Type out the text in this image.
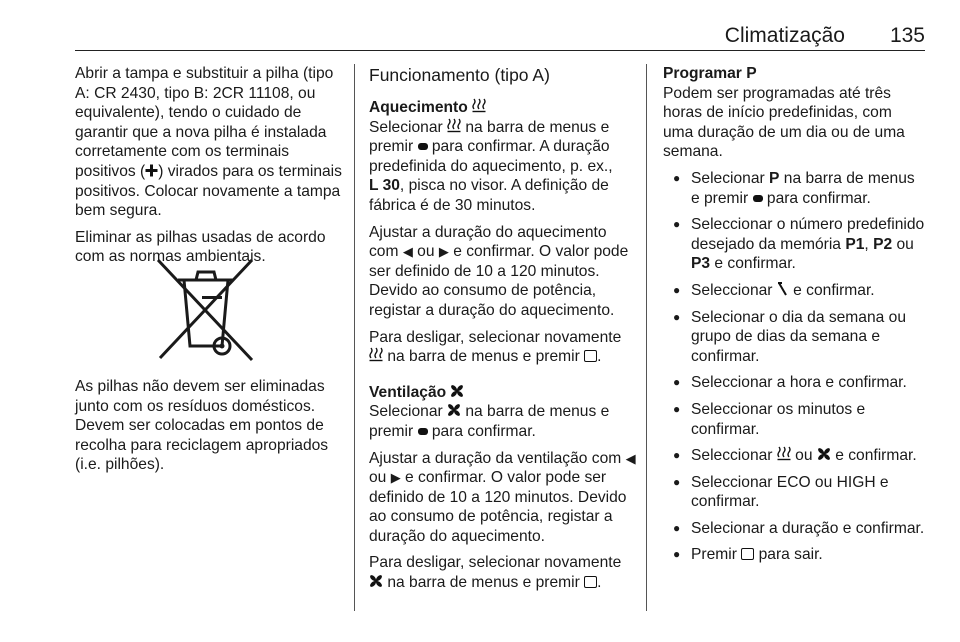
Climatização 135

Abrir a tampa e substituir a pilha (tipo A: CR 2430, tipo B: 2CR 11108, ou equivalente), tendo o cuidado de garantir que a nova pilha é instalada corretamente com os terminais positivos ( ) virados para os terminais positivos. Colocar novamente a tampa bem segura.

Eliminar as pilhas usadas de acordo com as normas ambientais.

As pilhas não devem ser eliminadas junto com os resíduos domésticos. Devem ser colocadas em pontos de recolha para reciclagem apropriados (i.e. pilhões).

Funcionamento (tipo A)
Aquecimento

Selecionar na barra de menus e premir para confirmar. A duração predefinida do aquecimento, p. ex.,
L 30, pisca no visor. A definição de fábrica é de 30 minutos.

Ajustar a duração do aquecimento com ◀ ou ▶ e confirmar. O valor pode ser definido de 10 a 120 minutos. Devido ao consumo de potência, registar a duração do aquecimento.

Para desligar, selecionar novamente
na barra de menus e premir .

Ventilação

Selecionar na barra de menus e premir para confirmar.

Ajustar a duração da ventilação com ◀ ou ▶ e confirmar. O valor pode ser definido de 10 a 120 minutos. Devido ao consumo de potência, registar a duração do aquecimento.

Para desligar, selecionar novamente
na barra de menus e premir .

Programar P

Podem ser programadas até três horas de início predefinidas, com uma duração de um dia ou de uma semana.

● Selecionar P na barra de menus e premir para confirmar.
● Seleccionar o número predefinido desejado da memória P1, P2 ou P3 e confirmar.
● Seleccionar e confirmar.
● Selecionar o dia da semana ou grupo de dias da semana e confirmar.
● Seleccionar a hora e confirmar.
● Seleccionar os minutos e confirmar.
● Seleccionar ou e confirmar.
● Seleccionar ECO ou HIGH e confirmar.
● Selecionar a duração e confirmar.
● Premir para sair.
